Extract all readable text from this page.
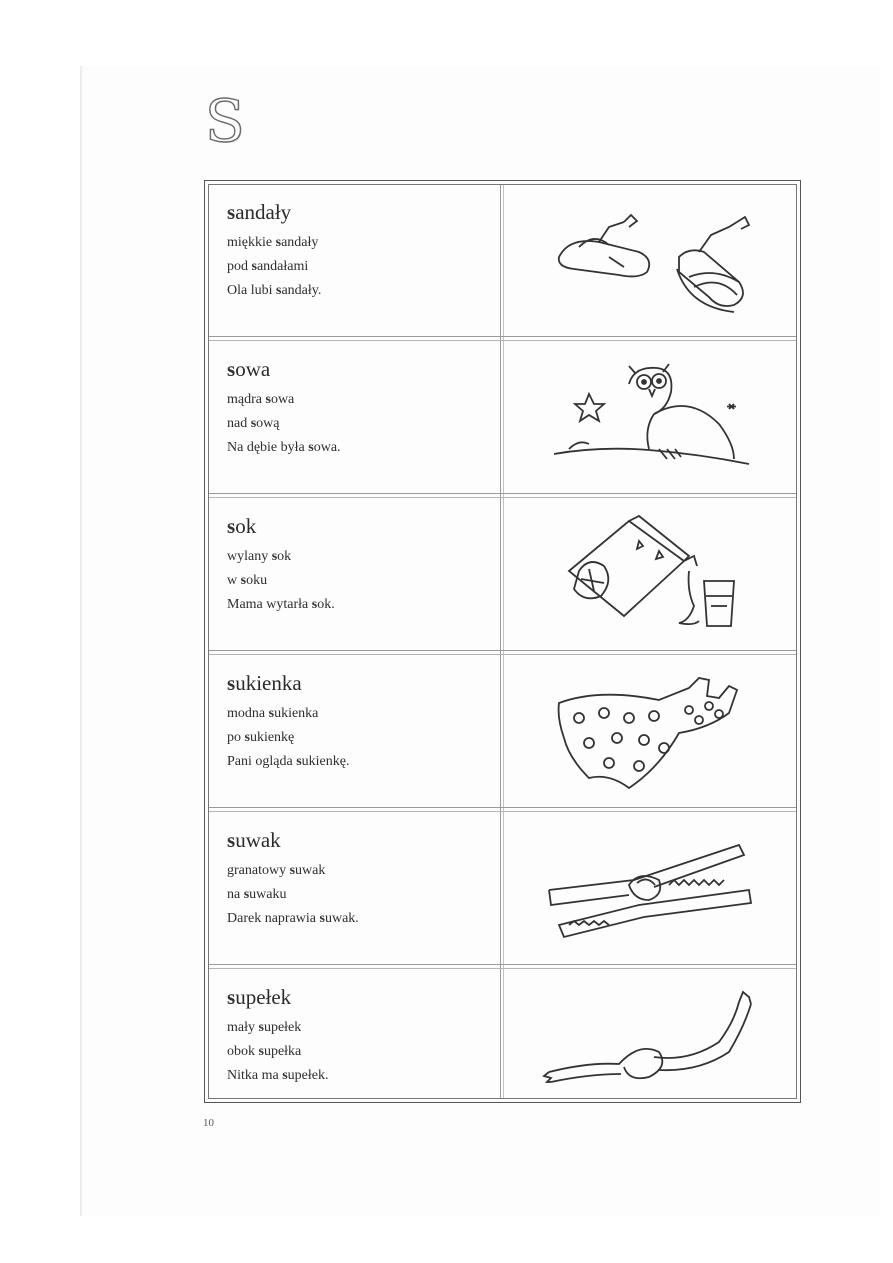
S
sandały
miękkie sandały
pod sandałami
Ola lubi sandały.
sowa
mądra sowa
nad sową
Na dębie była sowa.
sok
wylany sok
w soku
Mama wytarła sok.
sukienka
modna sukienka
po sukienkę
Pani ogląda sukienkę.
suwak
granatowy suwak
na suwaku
Darek naprawia suwak.
supełek
mały supełek
obok supełka
Nitka ma supełek.
10
